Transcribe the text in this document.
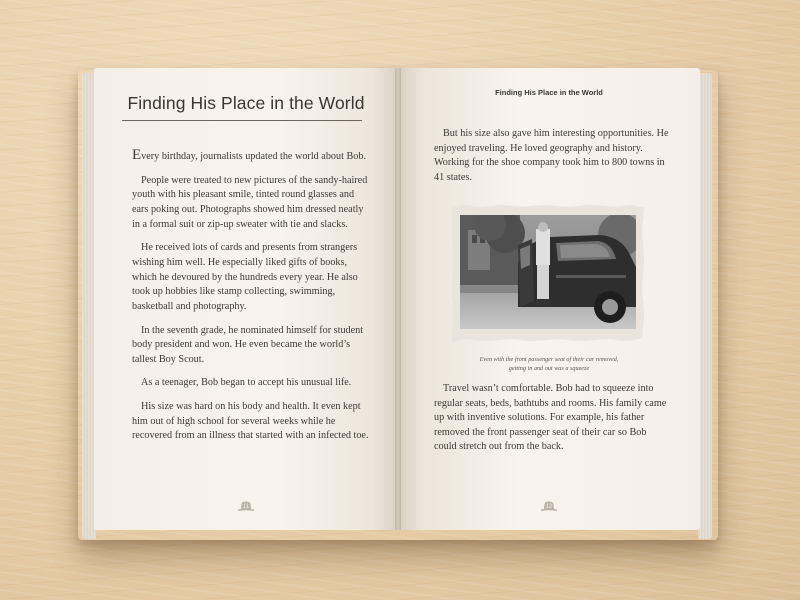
Finding His Place in the World

Every birthday, journalists updated the world about Bob.

People were treated to new pictures of the sandy-haired youth with his pleasant smile, tinted round glasses and ears poking out. Photographs showed him dressed neatly in a formal suit or zip-up sweater with tie and slacks.

He received lots of cards and presents from strangers wishing him well. He especially liked gifts of books, which he devoured by the hundreds every year. He also took up hobbies like stamp collecting, swimming, basketball and photography.

In the seventh grade, he nominated himself for student body president and won. He even became the world’s tallest Boy Scout.

As a teenager, Bob began to accept his unusual life.

His size was hard on his body and health. It even kept him out of high school for several weeks while he recovered from an illness that started with an infected toe.

11
Finding His Place in the World

But his size also gave him interesting opportunities. He enjoyed traveling. He loved geography and history. Working for the shoe company took him to 800 towns in 41 states.

Even with the front passenger seat of their car removed,
getting in and out was a squeeze

Travel wasn’t comfortable. Bob had to squeeze into regular seats, beds, bathtubs and rooms. His family came up with inventive solutions. For example, his father removed the front passenger seat of their car so Bob could stretch out from the back.

12
